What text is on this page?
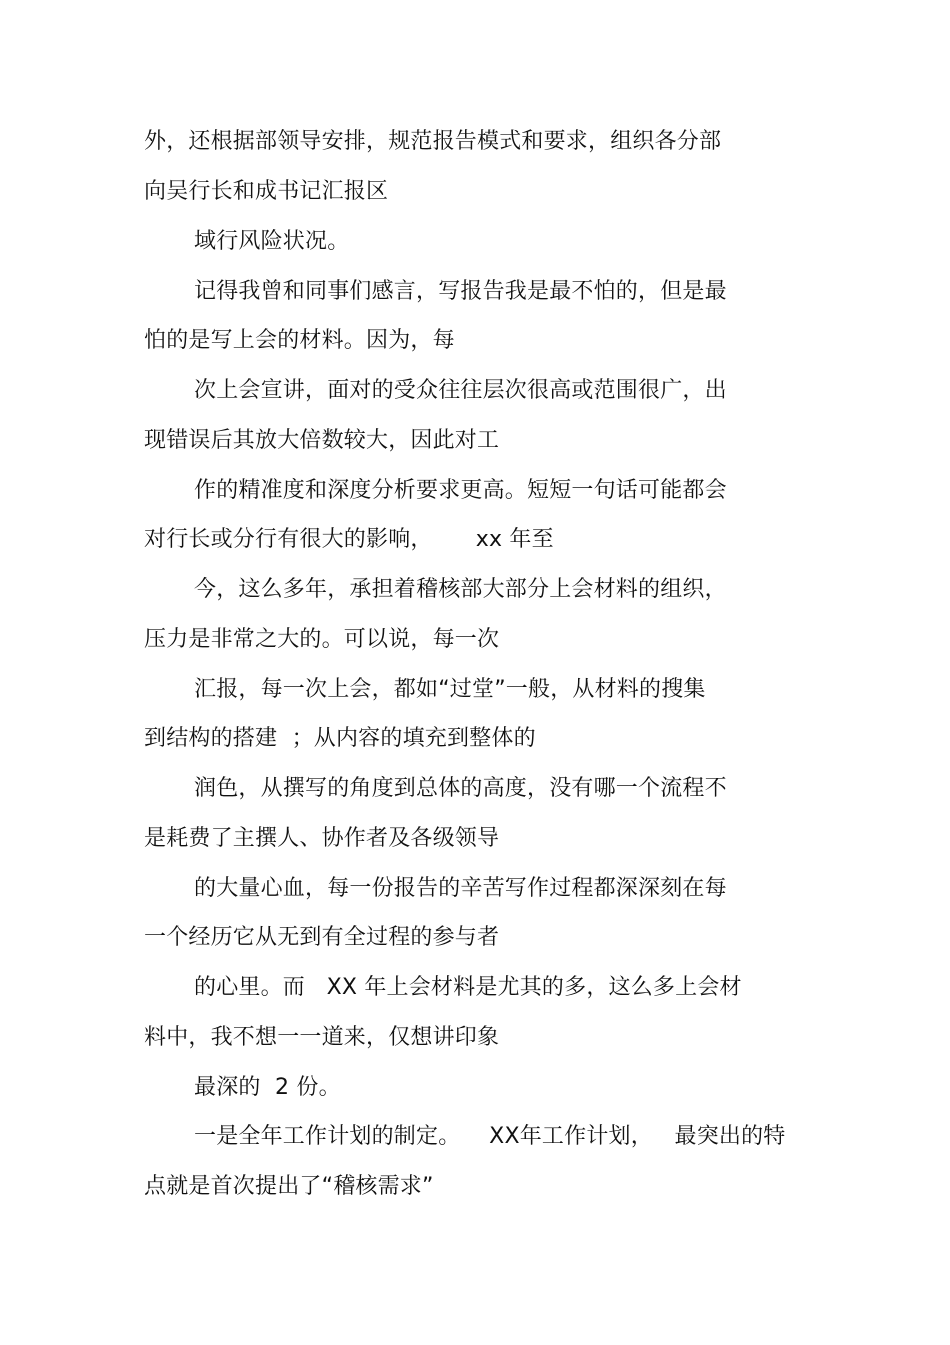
外，还根据部领导安排，规范报告模式和要求，组织各分部
向吴行长和成书记汇报区
域行风险状况。
记得我曾和同事们感言，写报告我是最不怕的，但是最
怕的是写上会的材料。因为，每
次上会宣讲，面对的受众往往层次很高或范围很广，出
现错误后其放大倍数较大，因此对工
作的精准度和深度分析要求更高。短短一句话可能都会
对行长或分行有很大的影响，      xx 年至
今，这么多年，承担着稽核部大部分上会材料的组织，
压力是非常之大的。可以说，每一次
汇报，每一次上会，都如“过堂”一般，从材料的搜集
到结构的搭建  ；从内容的填充到整体的
润色，从撰写的角度到总体的高度，没有哪一个流程不
是耗费了主撰人、协作者及各级领导
的大量心血，每一份报告的辛苦写作过程都深深刻在每
一个经历它从无到有全过程的参与者
的心里。而   XX 年上会材料是尤其的多，这么多上会材
料中，我不想一一道来，仅想讲印象
最深的  2 份。
一是全年工作计划的制定。    XX年工作计划，   最突出的特
点就是首次提出了“稽核需求”
